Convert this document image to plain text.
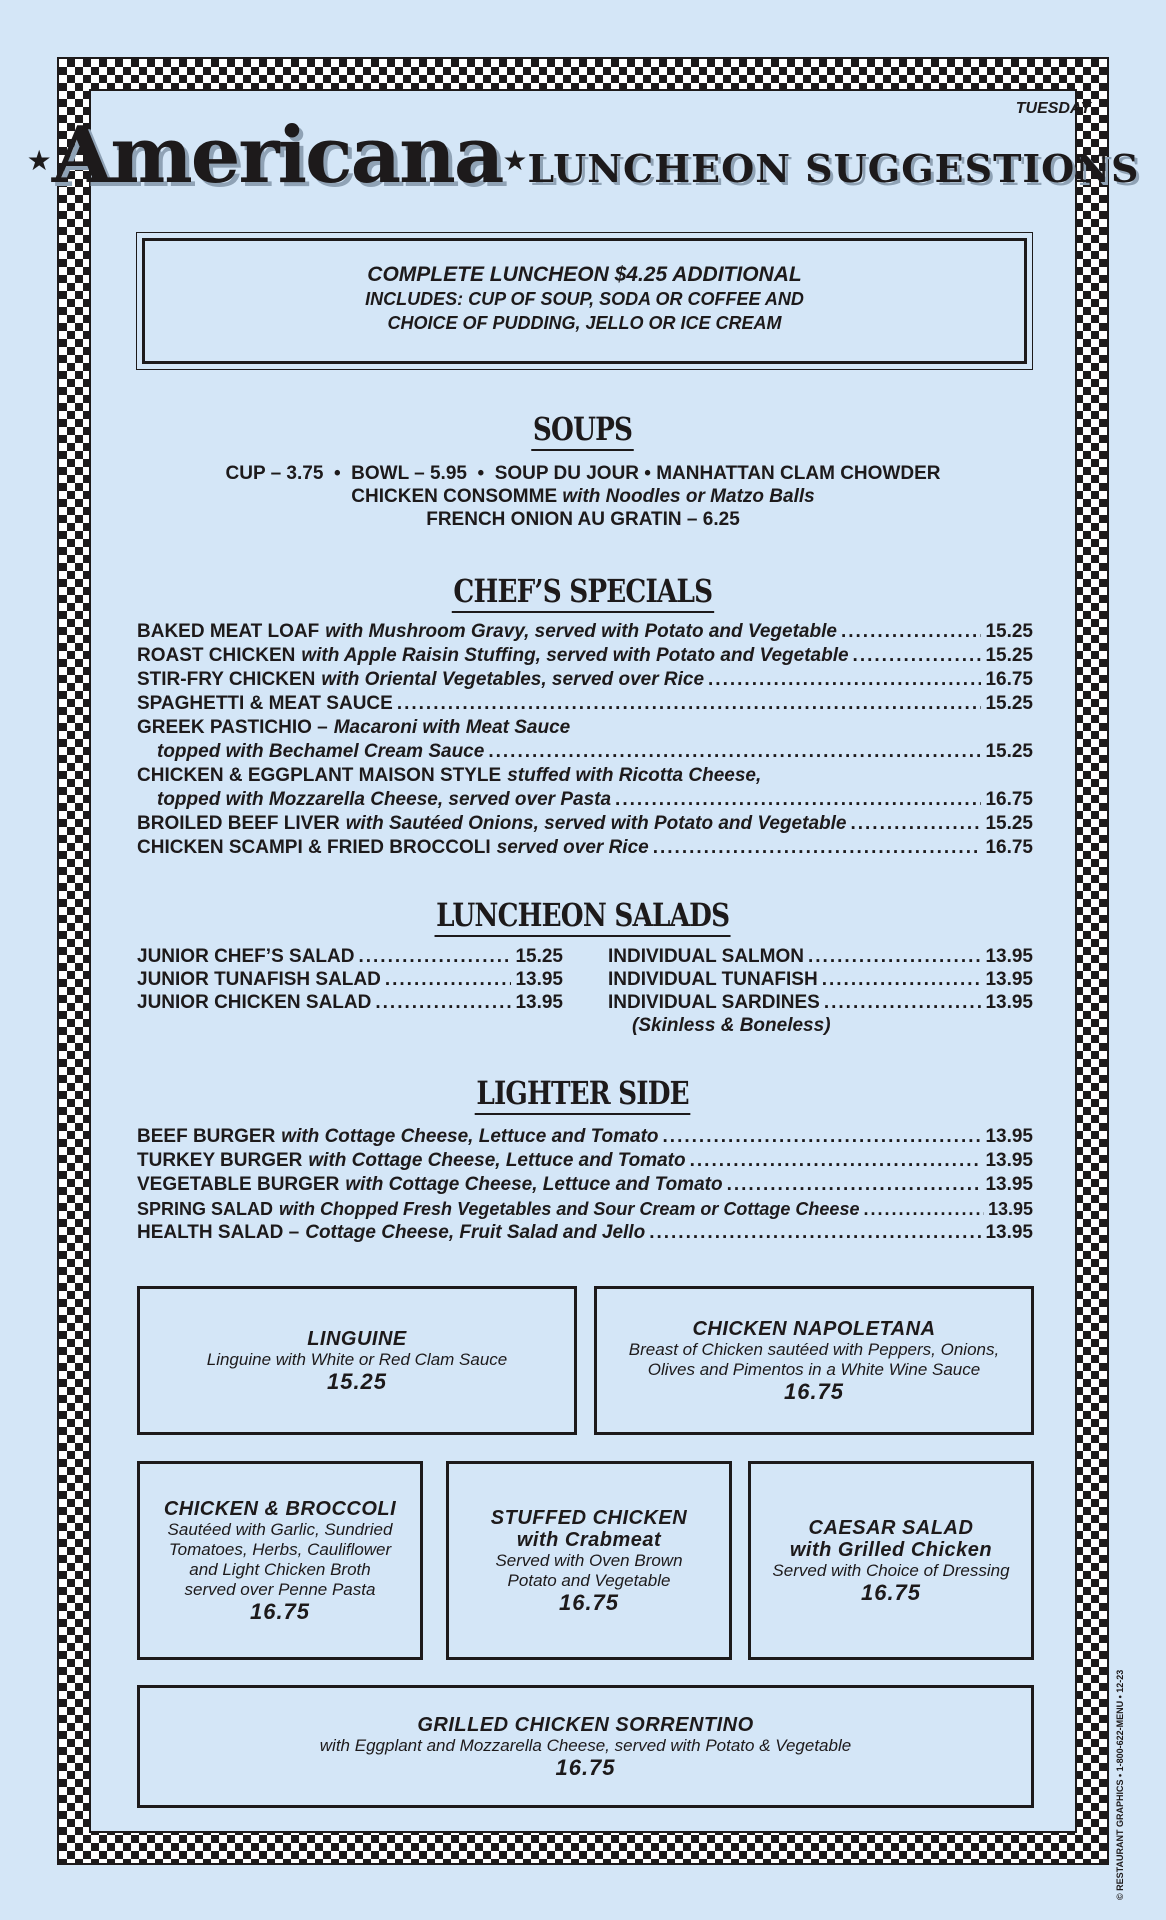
TUESDAY
★Americana★LUNCHEON SUGGESTIONS
COMPLETE LUNCHEON $4.25 ADDITIONAL
INCLUDES: CUP OF SOUP, SODA OR COFFEE AND
CHOICE OF PUDDING, JELLO OR ICE CREAM
SOUPS
CUP – 3.75  •  BOWL – 5.95  •  SOUP DU JOUR • MANHATTAN CLAM CHOWDER
CHICKEN CONSOMME with Noodles or Matzo Balls
FRENCH ONION AU GRATIN – 6.25
CHEF’S SPECIALS
BAKED MEAT LOAF with Mushroom Gravy, served with Potato and Vegetable .....	15.25
ROAST CHICKEN with Apple Raisin Stuffing, served with Potato and Vegetable .....	15.25
STIR-FRY CHICKEN with Oriental Vegetables, served over Rice .....	16.75
SPAGHETTI & MEAT SAUCE .....	15.25
GREEK PASTICHIO – Macaroni with Meat Sauce
topped with Bechamel Cream Sauce .....	15.25
CHICKEN & EGGPLANT MAISON STYLE stuffed with Ricotta Cheese,
topped with Mozzarella Cheese, served over Pasta .....	16.75
BROILED BEEF LIVER with Sautéed Onions, served with Potato and Vegetable .....	15.25
CHICKEN SCAMPI & FRIED BROCCOLI served over Rice .....	16.75
LUNCHEON SALADS
JUNIOR CHEF’S SALAD .....	15.25
JUNIOR TUNAFISH SALAD .....	13.95
JUNIOR CHICKEN SALAD .....	13.95
INDIVIDUAL SALMON .....	13.95
INDIVIDUAL TUNAFISH .....	13.95
INDIVIDUAL SARDINES .....	13.95
(Skinless & Boneless)
LIGHTER SIDE
BEEF BURGER with Cottage Cheese, Lettuce and Tomato .....	13.95
TURKEY BURGER with Cottage Cheese, Lettuce and Tomato .....	13.95
VEGETABLE BURGER with Cottage Cheese, Lettuce and Tomato .....	13.95
SPRING SALAD with Chopped Fresh Vegetables and Sour Cream or Cottage Cheese .....	13.95
HEALTH SALAD – Cottage Cheese, Fruit Salad and Jello .....	13.95
LINGUINE
Linguine with White or Red Clam Sauce
15.25
CHICKEN NAPOLETANA
Breast of Chicken sautéed with Peppers, Onions,
Olives and Pimentos in a White Wine Sauce
16.75
CHICKEN & BROCCOLI
Sautéed with Garlic, Sundried
Tomatoes, Herbs, Cauliflower
and Light Chicken Broth
served over Penne Pasta
16.75
STUFFED CHICKEN
with Crabmeat
Served with Oven Brown
Potato and Vegetable
16.75
CAESAR SALAD
with Grilled Chicken
Served with Choice of Dressing
16.75
GRILLED CHICKEN SORRENTINO
with Eggplant and Mozzarella Cheese, served with Potato & Vegetable
16.75	© RESTAURANT GRAPHICS • 1-800-622-MENU • 12-23
